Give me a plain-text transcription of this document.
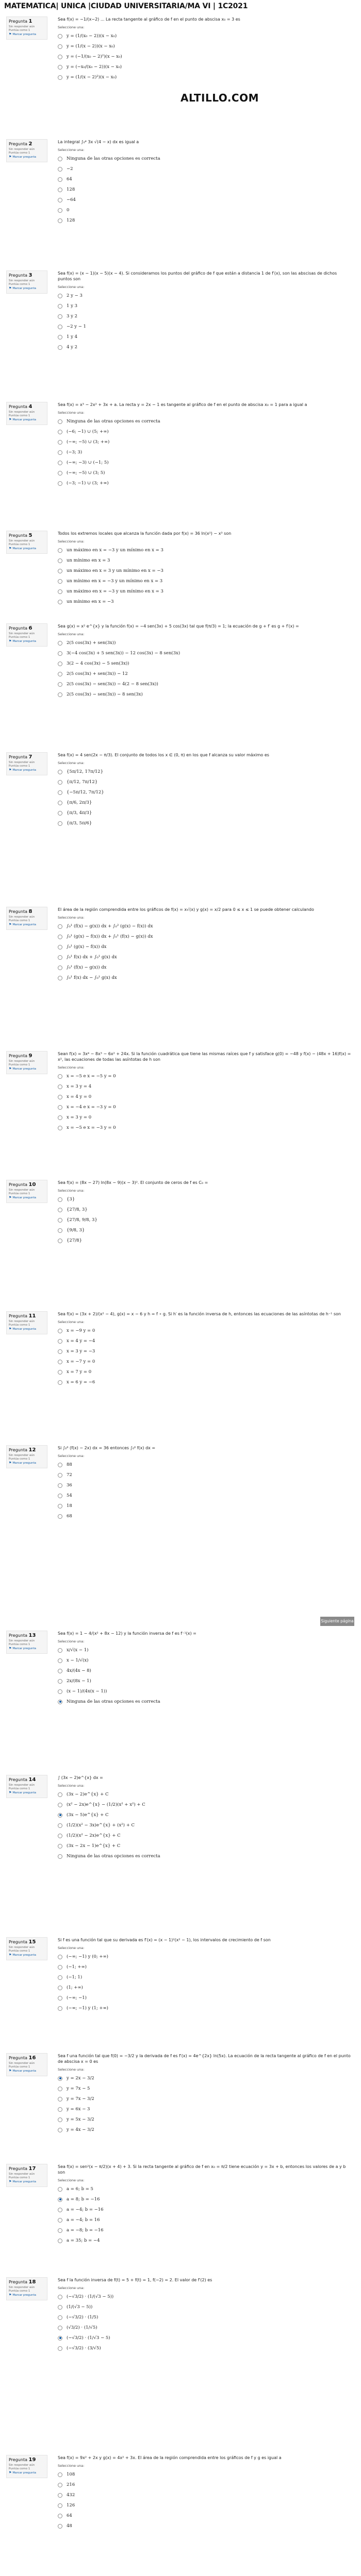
MATEMATICA| UNICA |CIUDAD UNIVERSITARIA/MA VI | 1C2021
ALTILLO.COM
Pregunta 1
Sin responder aún
Puntúa como 1
⚑ Marcar pregunta
Sea f(x) = −1/(x−2) ... La recta tangente al gráfico de f en el punto de abscisa x₀ = 3 es
Seleccione una:
y = (1/(x₀ − 2))(x − x₀)
y = (1/(x − 2))(x − x₀)
y = (−1/(x₀ − 2)²)(x − x₀)
y = (−x₀/(x₀ − 2))(x − x₀)
y = (1/(x − 2)²)(x − x₀)
Pregunta 2
Sin responder aún
Puntúa como 1
⚑ Marcar pregunta
La integral ∫₀⁴ 3x √(4 − x) dx es igual a
Seleccione una:
Ninguna de las otras opciones es correcta
−2
64
128
−64
0
128
Pregunta 3
Sin responder aún
Puntúa como 1
⚑ Marcar pregunta
Sea f(x) = (x − 1)(x − 5)(x − 4). Si consideramos los puntos del gráfico de f que están a distancia 1 de f′(x), son las abscisas de dichos puntos son
Seleccione una:
2 y − 3
1 y 3
3 y 2
−2 y − 1
1 y 4
4 y 2
Pregunta 4
Sin responder aún
Puntúa como 1
⚑ Marcar pregunta
Sea f(x) = x³ − 2x² + 3x + a. La recta y = 2x − 1 es tangente al gráfico de f en el punto de abscisa x₀ = 1 para a igual a
Seleccione una:
Ninguna de las otras opciones es correcta
(−6; −1) ∪ (5; +∞)
(−∞; −5) ∪ (3; +∞)
(−3; 3)
(−∞; −3) ∪ (−1; 5)
(−∞; −5) ∪ (3; 5)
(−3; −1) ∪ (3; +∞)
Pregunta 5
Sin responder aún
Puntúa como 1
⚑ Marcar pregunta
Todos los extremos locales que alcanza la función dada por f(x) = 36 ln(x²) − x³ son
Seleccione una:
un máximo en x = −3 y un mínimo en x = 3
un mínimo en x = 3
un máximo en x = 3 y un mínimo en x = −3
un mínimo en x = −3 y un mínimo en x = 3
un máximo en x = −3 y un mínimo en x = 3
un mínimo en x = −3
Pregunta 6
Sin responder aún
Puntúa como 1
⚑ Marcar pregunta
Sea g(x) = x² e^{x} y la función f(x) = −4 sen(3x) + 5 cos(3x) tal que f(π/3) = 1; la ecuación de g + f′ es g + f′(x) =
Seleccione una:
2(5 cos(3x) + sen(3x))
3(−4 cos(3x) + 5 sen(3x)) − 12 cos(3x) − 8 sen(3x)
3(2 − 4 cos(3x) − 5 sen(3x))
2(5 cos(3x) + sen(3x)) − 12
2(5 cos(3x) − sen(3x)) − 4(2 − 8 sen(3x))
2(5 cos(3x) − sen(3x)) − 8 sen(3x)
Pregunta 7
Sin responder aún
Puntúa como 1
⚑ Marcar pregunta
Sea f(x) = 4 sen(2x − π/3). El conjunto de todos los x ∈ (0, π) en los que f alcanza su valor máximo es
Seleccione una:
{5π/12, 17π/12}
{π/12, 7π/12}
{−5π/12, 7π/12}
{π/6, 2π/3}
{π/3, 4π/3}
{π/3, 5π/6}
Pregunta 8
Sin responder aún
Puntúa como 1
⚑ Marcar pregunta
El área de la región comprendida entre los gráficos de f(x) = x√(x) y g(x) = x/2 para 0 ≤ x ≤ 1 se puede obtener calculando
Seleccione una:
∫₀¹ (f(x) − g(x)) dx + ∫₀² (g(x) − f(x)) dx
∫₀¹ (g(x) − f(x)) dx + ∫₀¹ (f(x) − g(x)) dx
∫₀¹ (g(x) − f(x)) dx
∫₀¹ f(x) dx + ∫₀¹ g(x) dx
∫₀¹ (f(x) − g(x)) dx
∫₀¹ f(x) dx − ∫₀¹ g(x) dx
Pregunta 9
Sin responder aún
Puntúa como 1
⚑ Marcar pregunta
Sean f(x) = 3x⁴ − 8x³ − 6x² + 24x. Si la función cuadrática que tiene las mismas raíces que f y satisface g(0) = −48 y f(x) − (48x + 16)f(x) = x², las ecuaciones de todas las asíntotas de h son
Seleccione una:
x = −5 e x = −5 y = 0
x = 3 y = 4
x = 4 y = 0
x = −4 e x = −3 y = 0
x = 3 y = 0
x = −5 e x = −3 y = 0
Pregunta 10
Sin responder aún
Puntúa como 1
⚑ Marcar pregunta
Sea f(x) = (8x − 27) ln(8x − 9)(x − 3)². El conjunto de ceros de f es C₀ =
Seleccione una:
{3}
{27/8, 3}
{27/8, 9/8, 3}
{9/8, 3}
{27/8}
Pregunta 11
Sin responder aún
Puntúa como 1
⚑ Marcar pregunta
Sea f(x) = (3x + 2)/(x² − 4), g(x) = x − 6 y h = f ∘ g. Si h′ es la función inversa de h, entonces las ecuaciones de las asíntotas de h⁻¹ son
Seleccione una:
x = −9 y = 0
x = 4 y = −4
x = 3 y = −3
x = −7 y = 0
x = 7 y = 0
x = 6 y = −6
Pregunta 12
Sin responder aún
Puntúa como 1
⚑ Marcar pregunta
Si ∫₀⁶ (f(x) − 2x) dx = 36 entonces ∫₀⁶ f(x) dx =
Seleccione una:
88
72
36
54
18
68
Pregunta 13
Sin responder aún
Puntúa como 1
⚑ Marcar pregunta
Sea f(x) = 1 − 4/(x² + 8x − 12) y la función inversa de f es f⁻¹(x) =
Seleccione una:
x/√(x − 1)
x − 1/√(x)
4x/(4x − 8)
2x/(8x − 1)
(x − 1)/(4x(x − 1))
Ninguna de las otras opciones es correcta
Pregunta 14
Sin responder aún
Puntúa como 1
⚑ Marcar pregunta
∫ (3x − 2)e^{x} dx =
Seleccione una:
(3x − 2)e^{x} + C
(x² − 2x)e^{x} − (1/2)(x² + x²) + C
(3x − 5)e^{x} + C
(1/2)(x² − 3x)e^{x} + (x²) + C
(1/2)(x² − 2x)e^{x} + C
(3x − 2x − 1)e^{x} + C
Ninguna de las otras opciones es correcta
Pregunta 15
Sin responder aún
Puntúa como 1
⚑ Marcar pregunta
Si f es una función tal que su derivada es f′(x) = (x − 1)²(x² − 1), los intervalos de crecimiento de f son
Seleccione una:
(−∞; −1) y (0; +∞)
(−1; +∞)
(−1; 1)
(1; +∞)
(−∞; −1)
(−∞; −1) y (1; +∞)
Pregunta 16
Sin responder aún
Puntúa como 1
⚑ Marcar pregunta
Sea f una función tal que f(0) = −3/2 y la derivada de f es f′(x) = 4e^{2x} ln(5x). La ecuación de la recta tangente al gráfico de f en el punto de abscisa x = 0 es
Seleccione una:
y = 2x − 3/2
y = 7x − 5
y = 7x − 3/2
y = 6x − 3
y = 5x − 3/2
y = 4x − 3/2
Pregunta 17
Sin responder aún
Puntúa como 1
⚑ Marcar pregunta
Sea f(x) = sen²(x − π/2)(x + 4) + 3. Si la recta tangente al gráfico de f en x₀ = π/2 tiene ecuación y = 3x + b, entonces los valores de a y b son
Seleccione una:
a = 6; b = 5
a = 8; b = −16
a = −4; b = −16
a = −4; b = 16
a = −8; b = −16
a = 35; b = −4
Pregunta 18
Sin responder aún
Puntúa como 1
⚑ Marcar pregunta
Sea f la función inversa de f(t) = 5 + f(t) = 1, f(−2) = 2. El valor de f′(2) es
Seleccione una:
(−√3/2) · (1/(√3 − 5))
(1/(√3 − 5))
(−√3/2) · (1/5)
(√3/2) · (1/√5)
(−√3/2) · (1/√3 − 5)
(−√3/2) · (3/√5)
Pregunta 19
Sin responder aún
Puntúa como 1
⚑ Marcar pregunta
Sea f(x) = 9x² + 2x y g(x) = 4x² + 3x. El área de la región comprendida entre los gráficos de f y g es igual a
Seleccione una:
108
216
432
126
64
48
Siguiente página
